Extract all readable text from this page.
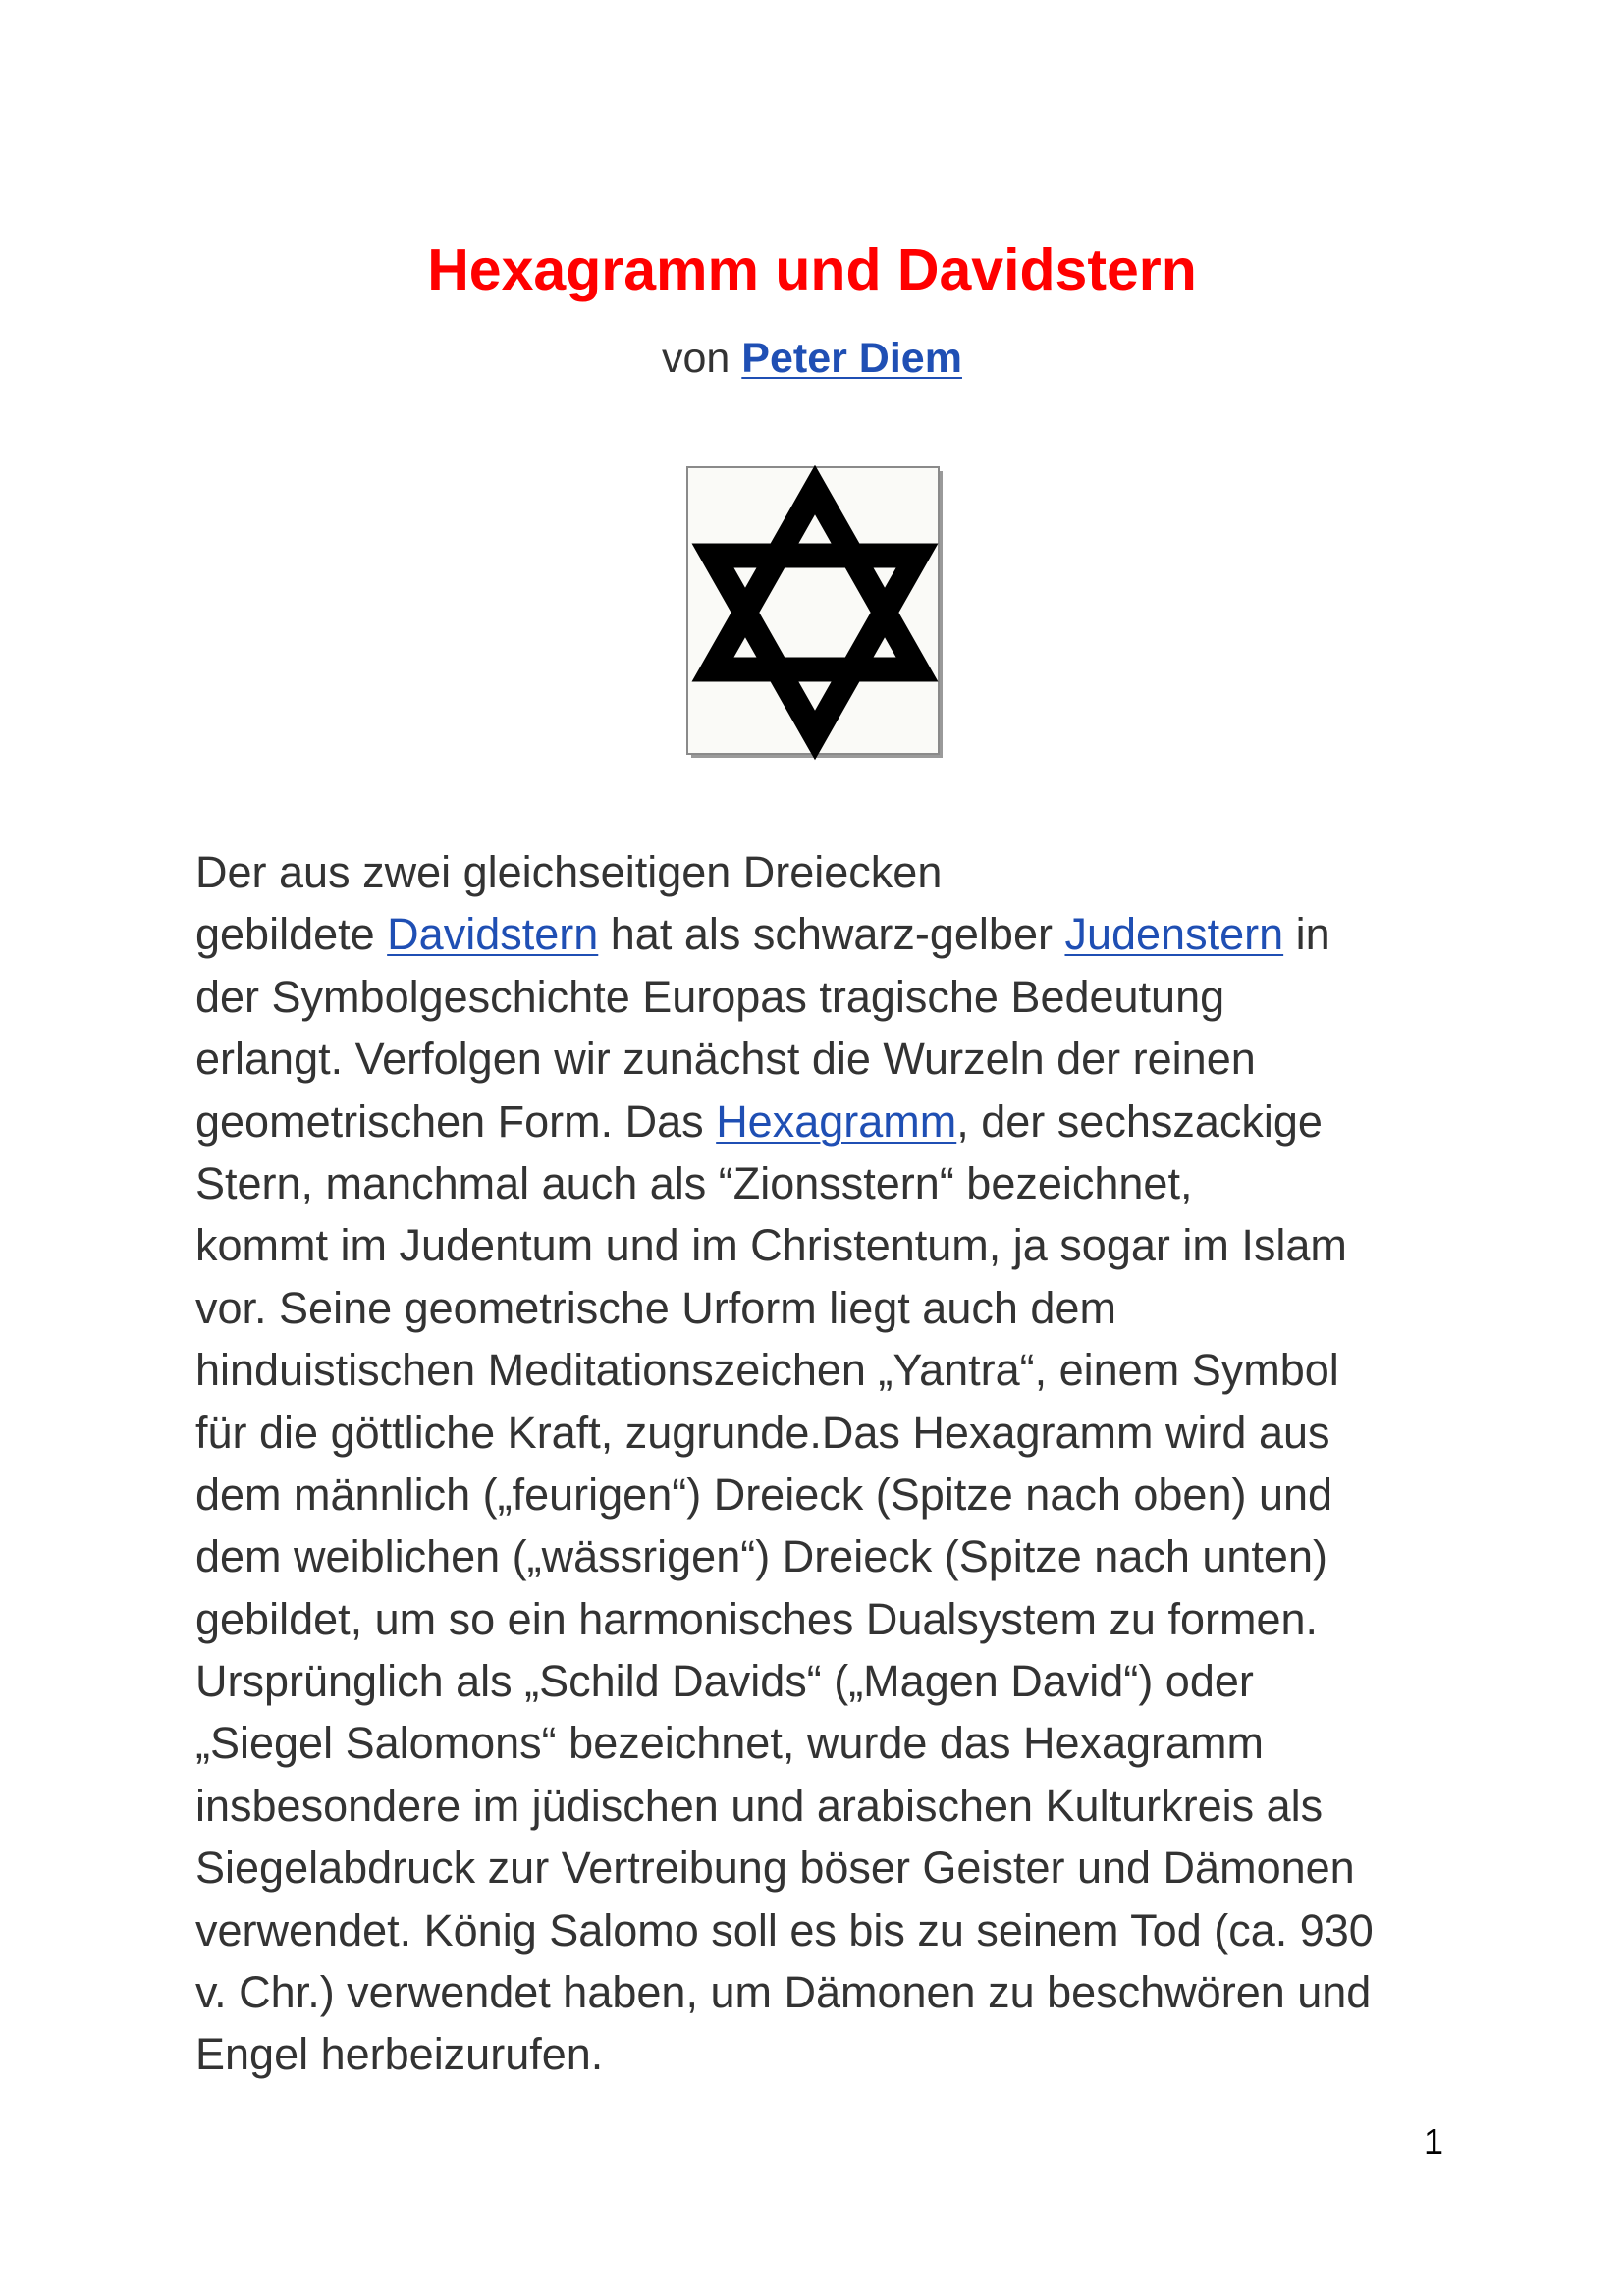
Hexagramm und Davidstern
von Peter Diem
Der aus zwei gleichseitigen Dreiecken
gebildete Davidstern hat als schwarz-gelber Judenstern in
der Symbolgeschichte Europas tragische Bedeutung
erlangt. Verfolgen wir zunächst die Wurzeln der reinen
geometrischen Form. Das Hexagramm, der sechszackige
Stern, manchmal auch als “Zionsstern“ bezeichnet,
kommt im Judentum und im Christentum, ja sogar im Islam
vor. Seine geometrische Urform liegt auch dem
hinduistischen Meditationszeichen „Yantra“, einem Symbol
für die göttliche Kraft, zugrunde.Das Hexagramm wird aus
dem männlich („feurigen“) Dreieck (Spitze nach oben) und
dem weiblichen („wässrigen“) Dreieck (Spitze nach unten)
gebildet, um so ein harmonisches Dualsystem zu formen.
Ursprünglich als „Schild Davids“ („Magen David“) oder
„Siegel Salomons“ bezeichnet, wurde das Hexagramm
insbesondere im jüdischen und arabischen Kulturkreis als
Siegelabdruck zur Vertreibung böser Geister und Dämonen
verwendet. König Salomo soll es bis zu seinem Tod (ca. 930
v. Chr.) verwendet haben, um Dämonen zu beschwören und
Engel herbeizurufen.
1
